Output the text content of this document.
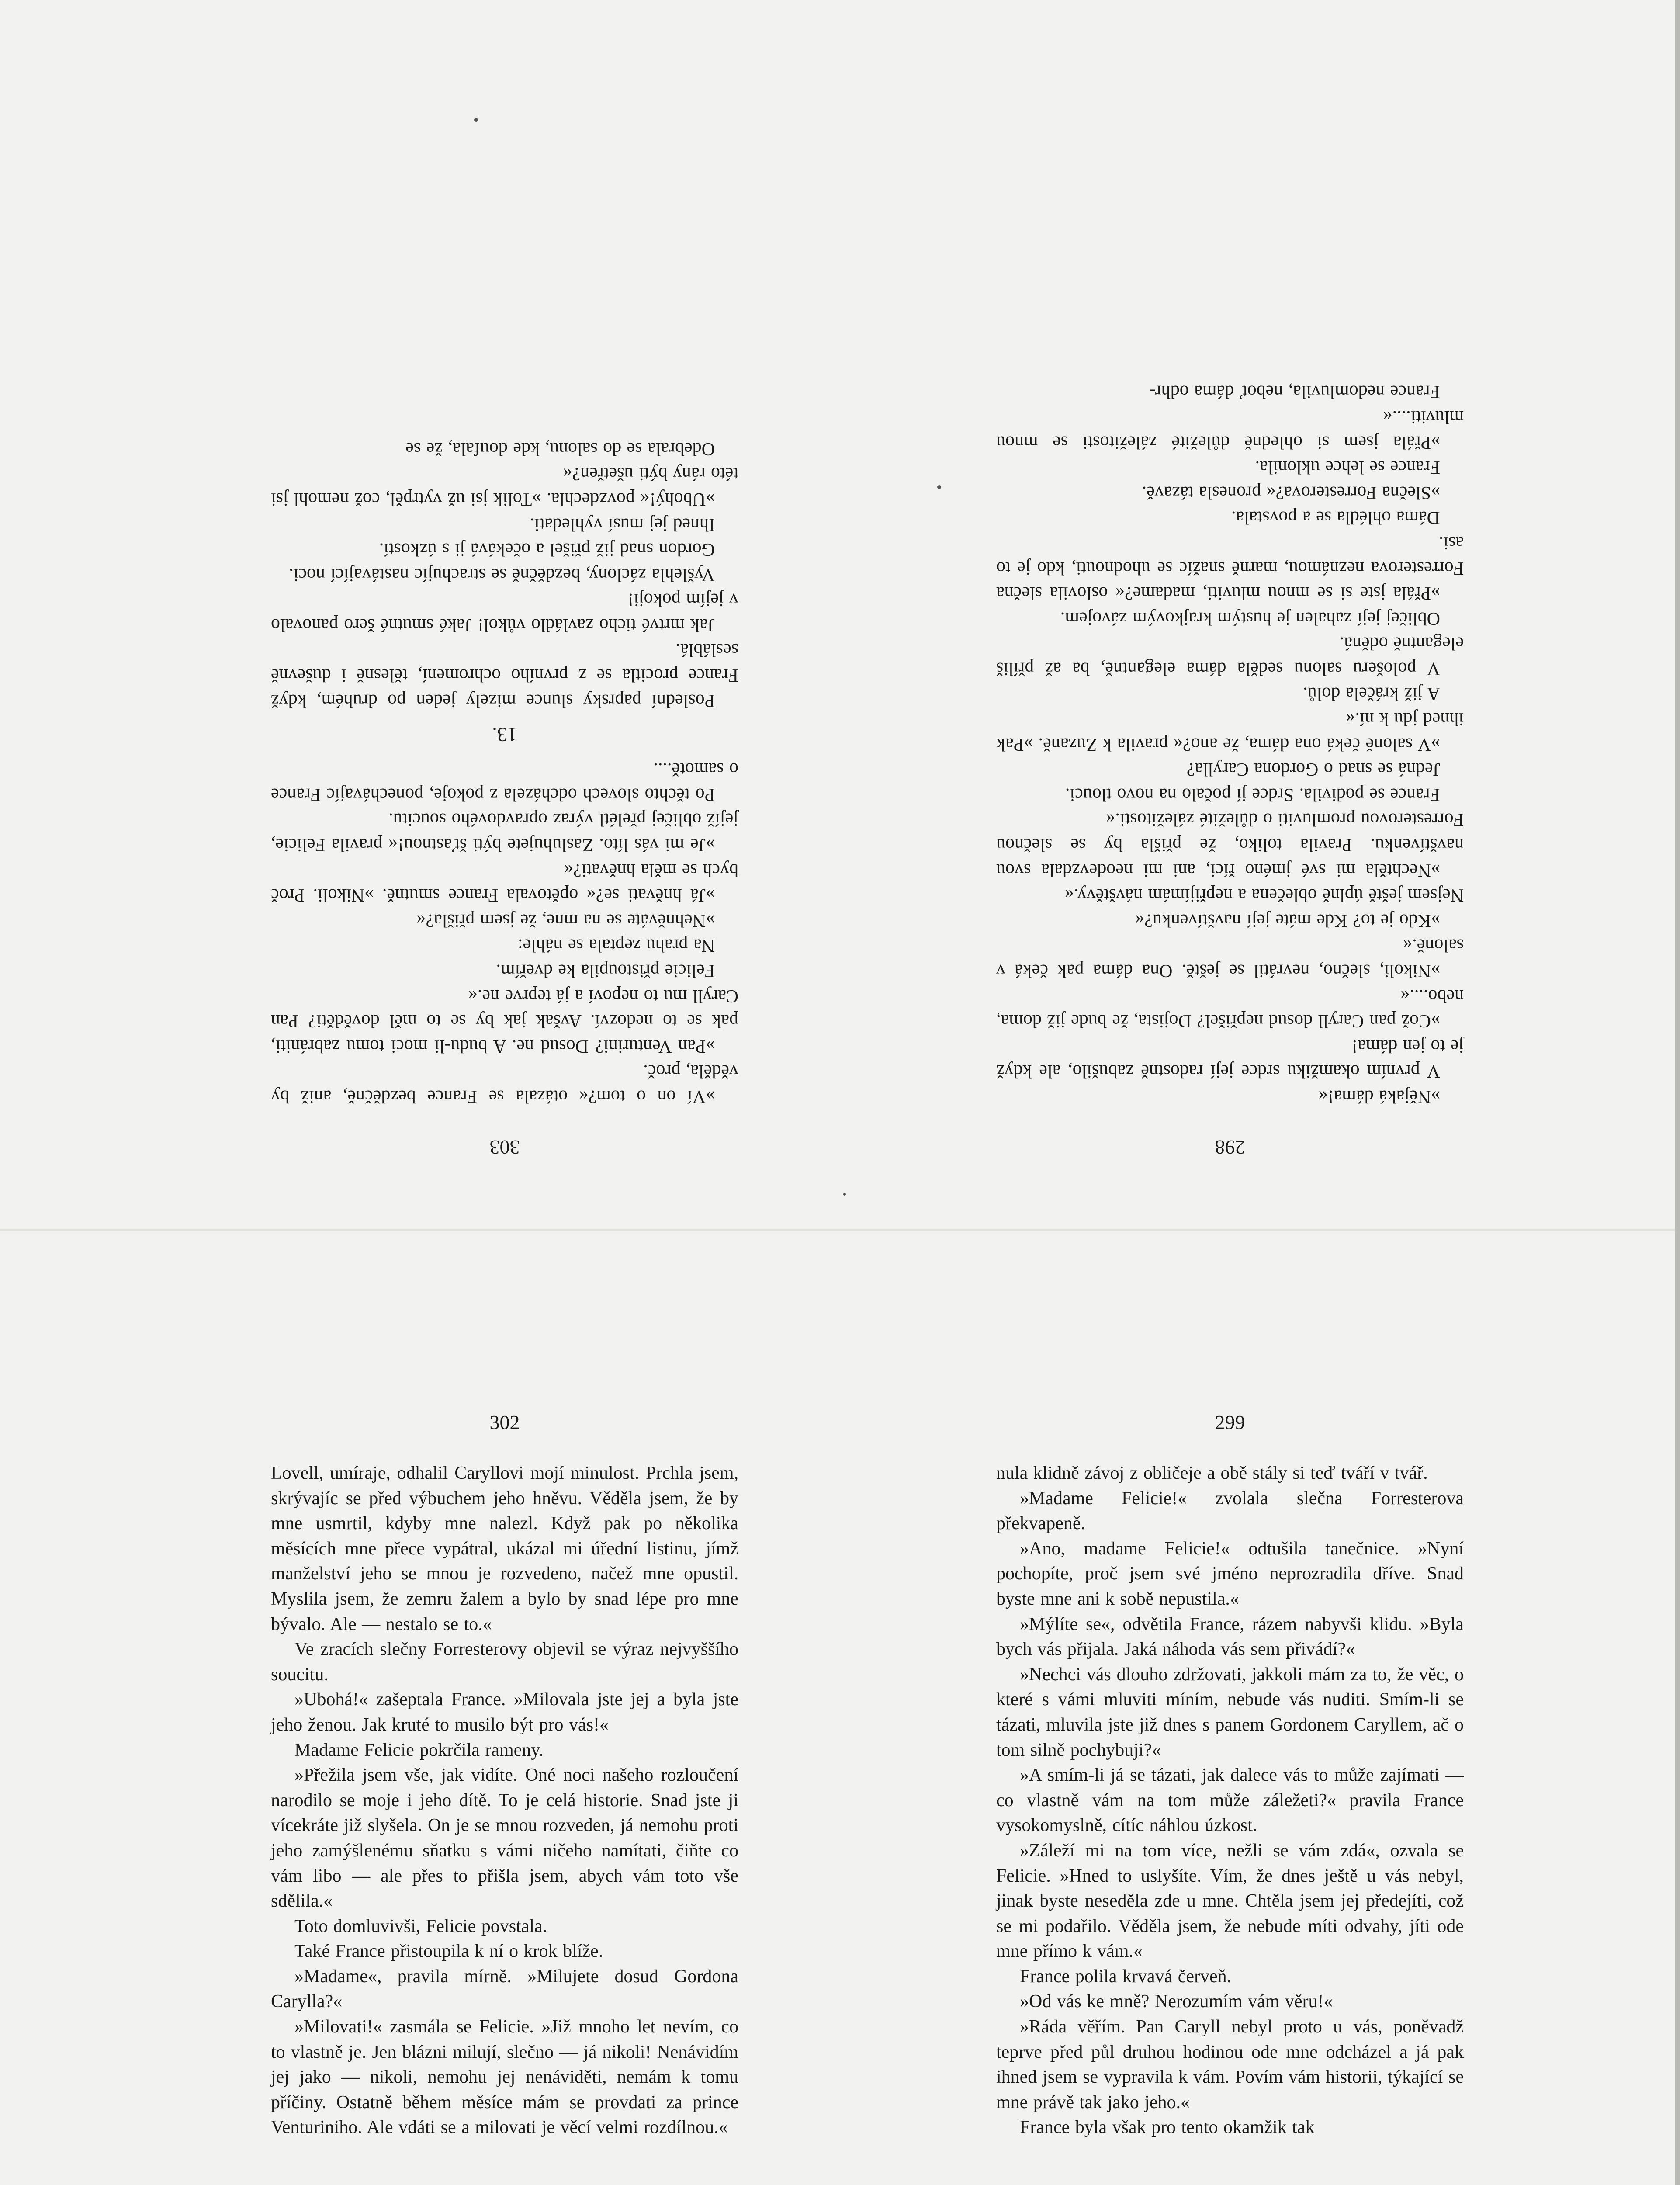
303

»Ví on o tom?« otázala se France bezděčně, aniž by věděla, proč.

»Pan Venturini? Dosud ne. A budu-li moci tomu zabrániti, pak se to nedozví. Avšak jak by se to měl dověděti? Pan Caryll mu to nepoví a já teprve ne.«

Felicie přistoupila ke dveřím.

Na prahu zeptala se náhle:

»Nehněváte se na mne, že jsem přišla?«

»Já hněvati se?« opětovala France smutně. »Nikoli. Proč bych se měla hněvati?«

»Je mi vás líto. Zasluhujete býti šťastnou!« pravila Felicie, jejíž obličej přelétl výraz opravdového soucitu.

Po těchto slovech odcházela z pokoje, ponechávajíc France o samotě....

13.

Poslední paprsky slunce mizely jeden po druhém, když France procitla se z prvního ochromení, tělesně i duševně sesláblá.

Jak mrtvé ticho zavládlo vůkol! Jaké smutné šero panovalo v jejím pokoji!

Vyšlehla záclony, bezděčně se strachujíc nastávající noci.

Gordon snad již přišel a očekává ji s úzkostí.

Ihned jej musí vyhledati.

»Ubohý!« povzdechla. »Tolik jsi už vytrpěl, což nemohl jsi této rány býti ušetřen?«

Odebrala se do salonu, kde doufala, že se

298

»Nějaká dáma!«

V prvním okamžiku srdce její radostně zabušilo, ale když je to jen dáma!

»Což pan Caryll dosud nepřišel? Dojista, že bude již doma, nebo....«

»Nikoli, slečno, nevrátil se ještě. Ona dáma pak čeká v saloně.«

»Kdo je to? Kde máte její navštívenku?«

Nejsem ještě úplně oblečena a nepřijímám návštěvy.«

»Nechtěla mi své jméno říci, ani mi neodevzdala svou navštívenku. Pravila toliko, že přišla by se slečnou Forresterovou promluviti o důležité záležitosti.«

France se podivila. Srdce jí počalo na novo tlouci.

Jedná se snad o Gordona Carylla?

»V saloně čeká ona dáma, že ano?« pravila k Zuzaně. »Pak ihned jdu k ní.«

A již kráčela dolů.

V pološeru salonu seděla dáma elegantně, ba až příliš elegantně oděná.

Obličej její zahalen je hustým krajkovým závojem.

»Přála jste si se mnou mluviti, madame?« oslovila slečna Forresterova neznámou, marně snažíc se uhodnouti, kdo je to asi.

Dáma ohlédla se a povstala.

»Slečna Forresterova?« pronesla tázavě.

France se lehce uklonila.

»Přála jsem si ohledně důležité záležitosti se mnou mluviti....«

France nedomluvila, neboť dáma odhr-

302

Lovell, umíraje, odhalil Caryllovi mojí minulost. Prchla jsem, skrývajíc se před výbuchem jeho hněvu. Věděla jsem, že by mne usmrtil, kdyby mne nalezl. Když pak po několika měsících mne přece vypátral, ukázal mi úřední listinu, jímž manželství jeho se mnou je rozvedeno, načež mne opustil. Myslila jsem, že zemru žalem a bylo by snad lépe pro mne bývalo. Ale — nestalo se to.«

Ve zracích slečny Forresterovy objevil se výraz nejvyššího soucitu.

»Ubohá!« zašeptala France. »Milovala jste jej a byla jste jeho ženou. Jak kruté to musilo být pro vás!«

Madame Felicie pokrčila rameny.

»Přežila jsem vše, jak vidíte. Oné noci našeho rozloučení narodilo se moje i jeho dítě. To je celá historie. Snad jste ji vícekráte již slyšela. On je se mnou rozveden, já nemohu proti jeho zamýšlenému sňatku s vámi ničeho namítati, čiňte co vám libo — ale přes to přišla jsem, abych vám toto vše sdělila.«

Toto domluvivši, Felicie povstala.

Také France přistoupila k ní o krok blíže.

»Madame«, pravila mírně. »Milujete dosud Gordona Carylla?«

»Milovati!« zasmála se Felicie. »Již mnoho let nevím, co to vlastně je. Jen blázni milují, slečno — já nikoli! Nenávidím jej jako — nikoli, nemohu jej nenáviděti, nemám k tomu příčiny. Ostatně během měsíce mám se provdati za prince Venturiniho. Ale vdáti se a milovati je věcí velmi rozdílnou.«

299

nula klidně závoj z obličeje a obě stály si teď tváří v tvář.

»Madame Felicie!« zvolala slečna Forresterova překvapeně.

»Ano, madame Felicie!« odtušila tanečnice. »Nyní pochopíte, proč jsem své jméno neprozradila dříve. Snad byste mne ani k sobě nepustila.«

»Mýlíte se«, odvětila France, rázem nabyvši klidu. »Byla bych vás přijala. Jaká náhoda vás sem přivádí?«

»Nechci vás dlouho zdržovati, jakkoli mám za to, že věc, o které s vámi mluviti míním, nebude vás nuditi. Smím-li se tázati, mluvila jste již dnes s panem Gordonem Caryllem, ač o tom silně pochybuji?«

»A smím-li já se tázati, jak dalece vás to může zajímati — co vlastně vám na tom může záležeti?« pravila France vysokomyslně, cítíc náhlou úzkost.

»Záleží mi na tom více, nežli se vám zdá«, ozvala se Felicie. »Hned to uslyšíte. Vím, že dnes ještě u vás nebyl, jinak byste neseděla zde u mne. Chtěla jsem jej předejíti, což se mi podařilo. Věděla jsem, že nebude míti odvahy, jíti ode mne přímo k vám.«

France polila krvavá červeň.

»Od vás ke mně? Nerozumím vám věru!«

»Ráda věřím. Pan Caryll nebyl proto u vás, poněvadž teprve před půl druhou hodinou ode mne odcházel a já pak ihned jsem se vypravila k vám. Povím vám historii, týkající se mne právě tak jako jeho.«

France byla však pro tento okamžik tak
